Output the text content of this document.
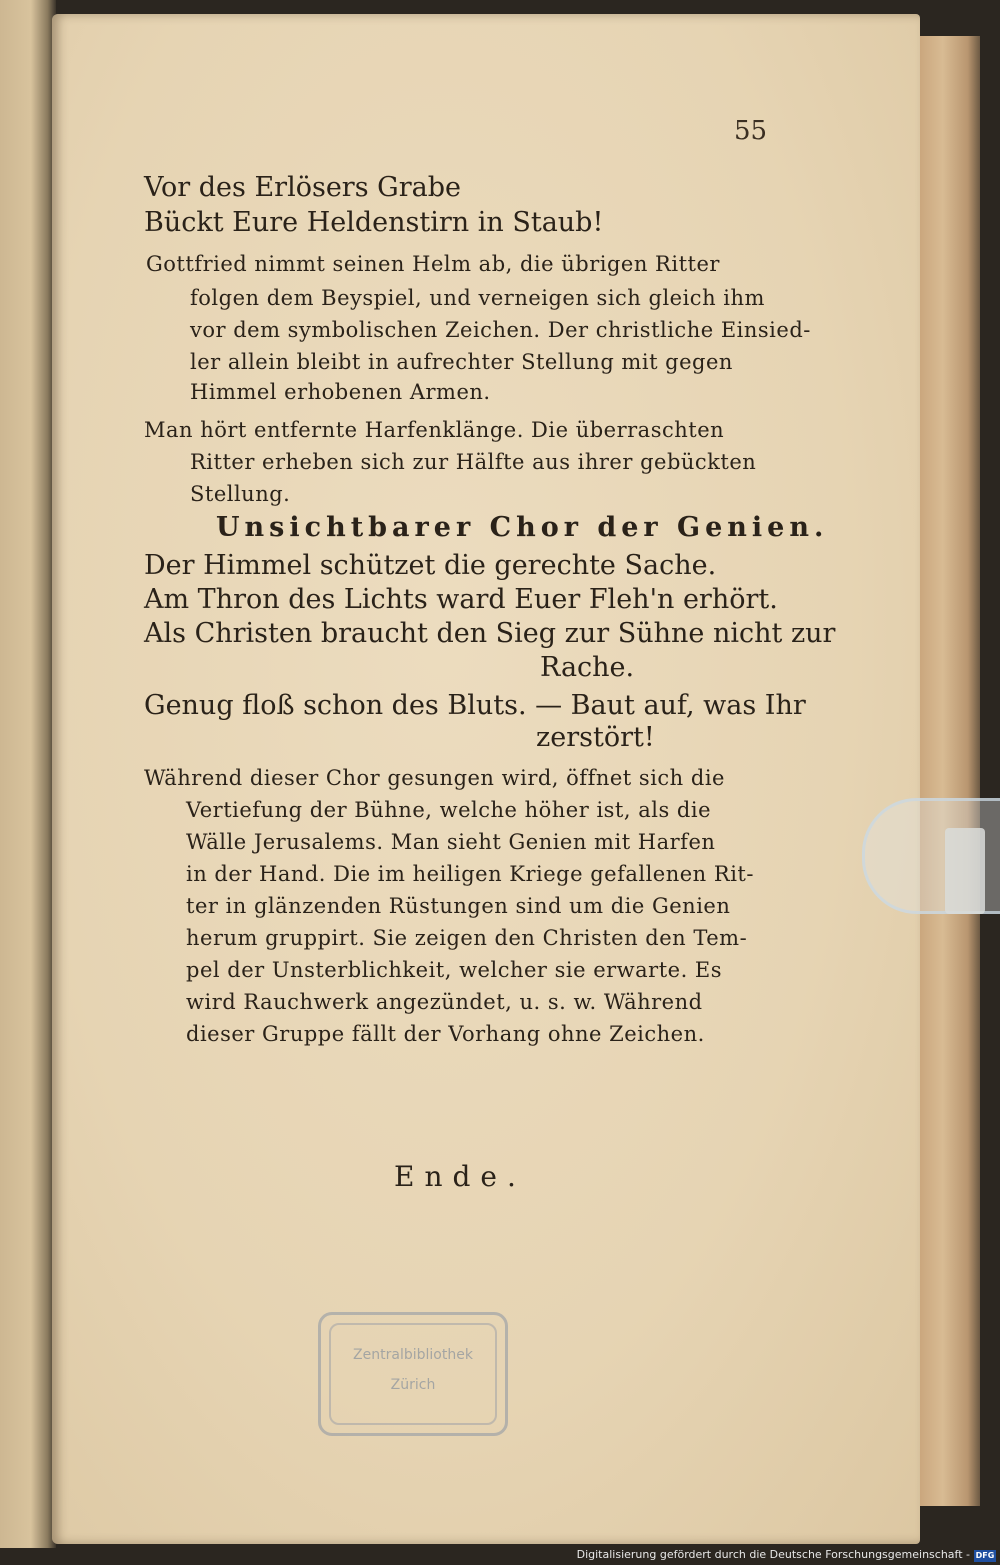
55
Vor des Erlösers Grabe
Bückt Eure Heldenstirn in Staub!
Gottfried nimmt seinen Helm ab, die übrigen Ritter
folgen dem Beyspiel, und verneigen sich gleich ihm
vor dem symbolischen Zeichen. Der christliche Einsied-
ler allein bleibt in aufrechter Stellung mit gegen
Himmel erhobenen Armen.
Man hört entfernte Harfenklänge. Die überraschten
Ritter erheben sich zur Hälfte aus ihrer gebückten
Stellung.
Unsichtbarer Chor der Genien.
Der Himmel schützet die gerechte Sache.
Am Thron des Lichts ward Euer Fleh'n erhört.
Als Christen braucht den Sieg zur Sühne nicht zur
Rache.
Genug floß schon des Bluts. — Baut auf, was Ihr
zerstört!
Während dieser Chor gesungen wird, öffnet sich die
Vertiefung der Bühne, welche höher ist, als die
Wälle Jerusalems. Man sieht Genien mit Harfen
in der Hand. Die im heiligen Kriege gefallenen Rit-
ter in glänzenden Rüstungen sind um die Genien
herum gruppirt. Sie zeigen den Christen den Tem-
pel der Unsterblichkeit, welcher sie erwarte. Es
wird Rauchwerk angezündet, u. s. w. Während
dieser Gruppe fällt der Vorhang ohne Zeichen.
Ende.
Zentralbibliothek
Zürich
Digitalisierung gefördert durch die Deutsche Forschungsgemeinschaft - DFG
